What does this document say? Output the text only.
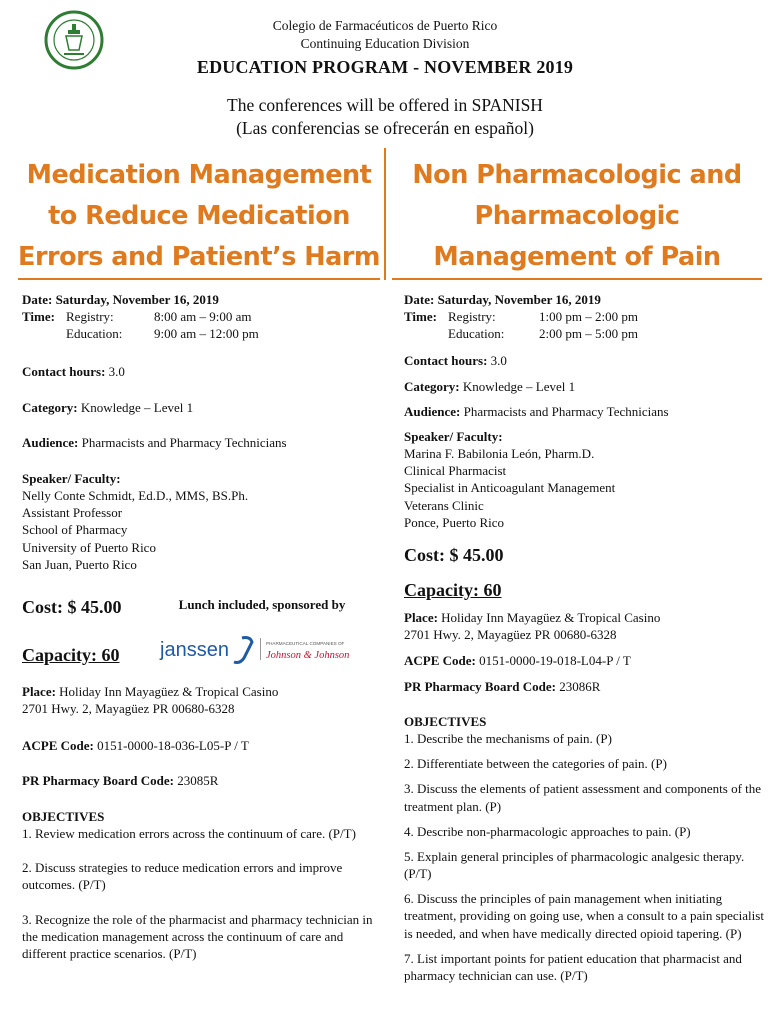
Colegio de Farmacéuticos de Puerto Rico
Continuing Education Division
EDUCATION PROGRAM - NOVEMBER 2019
The conferences will be offered in SPANISH
(Las conferencias se ofrecerán en español)
Medication Management
to Reduce Medication
Errors and Patient’s Harm
Non Pharmacologic and
Pharmacologic
Management of Pain
Date: Saturday, November 16, 2019
Time: Registry:	8:00 am – 9:00 am
Education:	9:00 am – 12:00 pm
Contact hours: 3.0
Category: Knowledge – Level 1
Audience: Pharmacists and Pharmacy Technicians
Speaker/ Faculty:
Nelly Conte Schmidt, Ed.D., MMS, BS.Ph.
Assistant Professor
School of Pharmacy
University of Puerto Rico
San Juan, Puerto Rico
Cost: $ 45.00
Capacity: 60
Lunch included, sponsored by
janssen	PHARMACEUTICAL COMPANIES OF
Johnson & Johnson
Place: Holiday Inn Mayagüez & Tropical Casino
2701 Hwy. 2, Mayagüez PR 00680-6328
ACPE Code: 0151-0000-18-036-L05-P / T
PR Pharmacy Board Code: 23085R
OBJECTIVES
1. Review medication errors across the continuum of care. (P/T)
2. Discuss strategies to reduce medication errors and improve outcomes. (P/T)
3. Recognize the role of the pharmacist and pharmacy technician in the medication management across the continuum of care and different practice scenarios. (P/T)
Date: Saturday, November 16, 2019
Time: Registry:	1:00 pm – 2:00 pm
Education:	2:00 pm – 5:00 pm
Contact hours: 3.0
Category: Knowledge – Level 1
Audience: Pharmacists and Pharmacy Technicians
Speaker/ Faculty:
Marina F. Babilonia León, Pharm.D.
Clinical Pharmacist
Specialist in Anticoagulant Management
Veterans Clinic
Ponce, Puerto Rico
Cost: $ 45.00
Capacity: 60
Place: Holiday Inn Mayagüez & Tropical Casino
2701 Hwy. 2, Mayagüez PR 00680-6328
ACPE Code: 0151-0000-19-018-L04-P / T
PR Pharmacy Board Code: 23086R
OBJECTIVES
1. Describe the mechanisms of pain. (P)
2. Differentiate between the categories of pain. (P)
3. Discuss the elements of patient assessment and components of the treatment plan. (P)
4. Describe non-pharmacologic approaches to pain. (P)
5. Explain general principles of pharmacologic analgesic therapy. (P/T)
6. Discuss the principles of pain management when initiating treatment, providing on going use, when a consult to a pain specialist is needed, and when have medically directed opioid tapering. (P)
7. List important points for patient education that pharmacist and pharmacy technician can use. (P/T)
